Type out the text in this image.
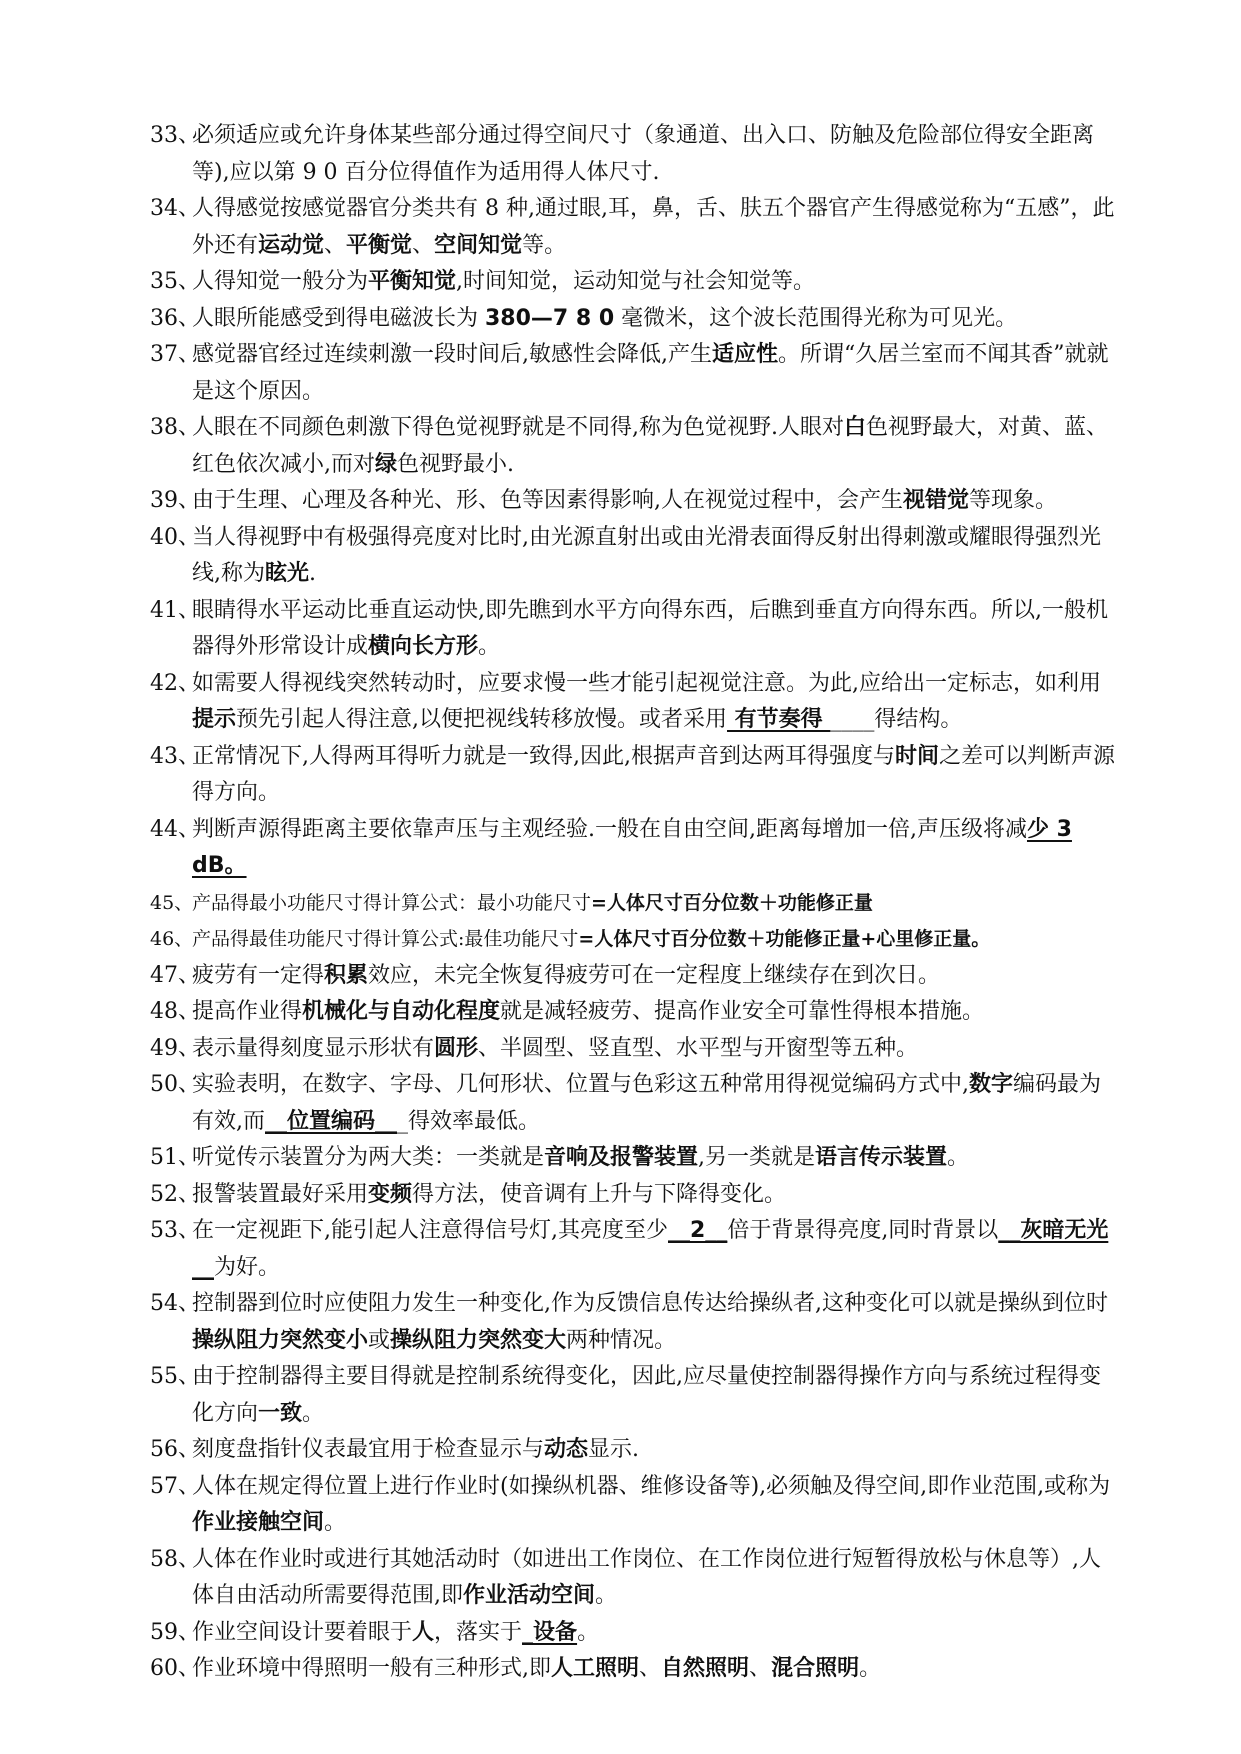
33、
必须适应或允许身体某些部分通过得空间尺寸（象通道、出入口、防触及危险部位得安全距离等),应以第 9 0 百分位得值作为适用得人体尺寸.

34、
人得感觉按感觉器官分类共有 8 种,通过眼,耳，鼻，舌、肤五个器官产生得感觉称为“五感”，此外还有运动觉、平衡觉、空间知觉等。

35、
人得知觉一般分为平衡知觉,时间知觉，运动知觉与社会知觉等。

36、
人眼所能感受到得电磁波长为 380—7 8 0 毫微米，这个波长范围得光称为可见光。

37、
感觉器官经过连续刺激一段时间后,敏感性会降低,产生适应性。所谓“久居兰室而不闻其香”就就是这个原因。

38、
人眼在不同颜色刺激下得色觉视野就是不同得,称为色觉视野.人眼对白色视野最大，对黄、蓝、红色依次减小,而对绿色视野最小.

39、
由于生理、心理及各种光、形、色等因素得影响,人在视觉过程中，会产生视错觉等现象。

40、
当人得视野中有极强得亮度对比时,由光源直射出或由光滑表面得反射出得刺激或耀眼得强烈光线,称为眩光.

41、
眼睛得水平运动比垂直运动快,即先瞧到水平方向得东西，后瞧到垂直方向得东西。所以,一般机器得外形常设计成横向长方形。

42、
如需要人得视线突然转动时，应要求慢一些才能引起视觉注意。为此,应给出一定标志，如利用提示预先引起人得注意,以便把视线转移放慢。或者采用 有节奏得 ____得结构。

43、
正常情况下,人得两耳得听力就是一致得,因此,根据声音到达两耳得强度与时间之差可以判断声源得方向。

44、
判断声源得距离主要依靠声压与主观经验.一般在自由空间,距离每增加一倍,声压级将减少 3 dB。

45、
产品得最小功能尺寸得计算公式：最小功能尺寸=人体尺寸百分位数＋功能修正量

46、
产品得最佳功能尺寸得计算公式:最佳功能尺寸=人体尺寸百分位数＋功能修正量+心里修正量。

47、
疲劳有一定得积累效应，未完全恢复得疲劳可在一定程度上继续存在到次日。

48、
提高作业得机械化与自动化程度就是减轻疲劳、提高作业安全可靠性得根本措施。

49、
表示量得刻度显示形状有圆形、半圆型、竖直型、水平型与开窗型等五种。

50、
实验表明，在数字、字母、几何形状、位置与色彩这五种常用得视觉编码方式中,数字编码最为有效,而__位置编码___得效率最低。

51、
听觉传示装置分为两大类：一类就是音响及报警装置,另一类就是语言传示装置。

52、
报警装置最好采用变频得方法，使音调有上升与下降得变化。

53、
在一定视距下,能引起人注意得信号灯,其亮度至少__2__倍于背景得亮度,同时背景以__灰暗无光__为好。

54、
控制器到位时应使阻力发生一种变化,作为反馈信息传达给操纵者,这种变化可以就是操纵到位时操纵阻力突然变小或操纵阻力突然变大两种情况。

55、
由于控制器得主要目得就是控制系统得变化，因此,应尽量使控制器得操作方向与系统过程得变化方向一致。

56、
刻度盘指针仪表最宜用于检查显示与动态显示.

57、
人体在规定得位置上进行作业时(如操纵机器、维修设备等),必须触及得空间,即作业范围,或称为作业接触空间。

58、
人体在作业时或进行其她活动时（如进出工作岗位、在工作岗位进行短暂得放松与休息等）,人体自由活动所需要得范围,即作业活动空间。

59、
作业空间设计要着眼于人，落实于_设备。

60、
作业环境中得照明一般有三种形式,即人工照明、自然照明、混合照明。
